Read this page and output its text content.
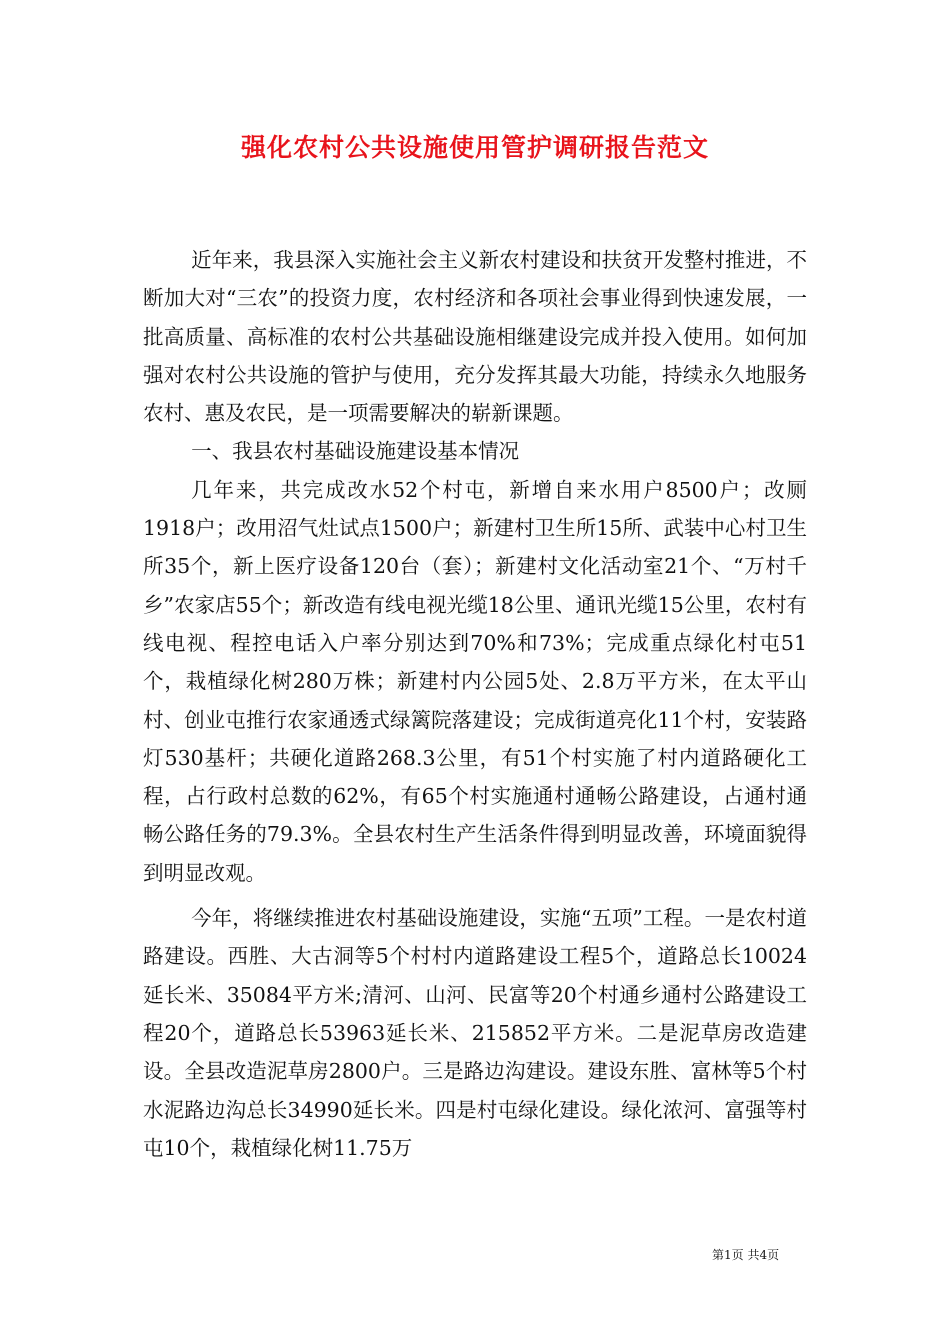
强化农村公共设施使用管护调研报告范文

近年来，我县深入实施社会主义新农村建设和扶贫开发整村推进，不断加大对“三农”的投资力度，农村经济和各项社会事业得到快速发展，一批高质量、高标准的农村公共基础设施相继建设完成并投入使用。如何加强对农村公共设施的管护与使用，充分发挥其最大功能，持续永久地服务农村、惠及农民，是一项需要解决的崭新课题。

一、我县农村基础设施建设基本情况

几年来，共完成改水52个村屯，新增自来水用户8500户；改厕1918户；改用沼气灶试点1500户；新建村卫生所15所、武装中心村卫生所35个，新上医疗设备120台（套）；新建村文化活动室21个、“万村千乡”农家店55个；新改造有线电视光缆18公里、通讯光缆15公里，农村有线电视、程控电话入户率分别达到70%和73%；完成重点绿化村屯51个，栽植绿化树280万株；新建村内公园5处、2.8万平方米，在太平山村、创业屯推行农家通透式绿篱院落建设；完成街道亮化11个村，安装路灯530基杆；共硬化道路268.3公里，有51个村实施了村内道路硬化工程，占行政村总数的62%，有65个村实施通村通畅公路建设，占通村通畅公路任务的79.3%。全县农村生产生活条件得到明显改善，环境面貌得到明显改观。

今年，将继续推进农村基础设施建设，实施“五项”工程。一是农村道路建设。西胜、大古洞等5个村村内道路建设工程5个，道路总长10024延长米、35084平方米;清河、山河、民富等20个村通乡通村公路建设工程20个，道路总长53963延长米、215852平方米。二是泥草房改造建设。全县改造泥草房2800户。三是路边沟建设。建设东胜、富林等5个村水泥路边沟总长34990延长米。四是村屯绿化建设。绿化浓河、富强等村屯10个，栽植绿化树11.75万

第1页 共4页
